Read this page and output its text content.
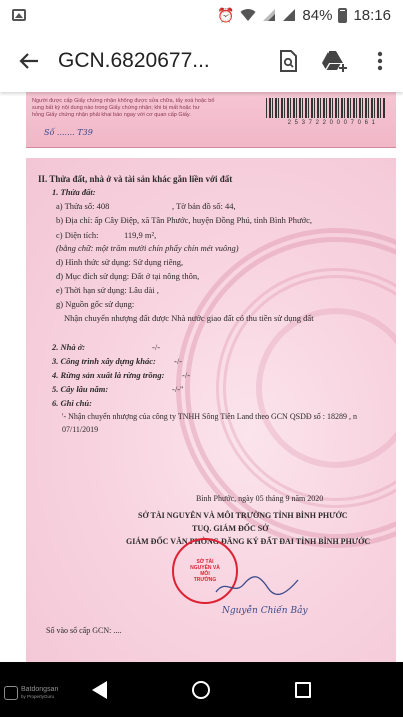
⏰	84% 18:16
GCN.6820677...
Người được cấp Giấy chứng nhận không được sửa chữa, tẩy xoá hoặc bổ
sung bất kỳ nội dung nào trong Giấy chứng nhận; khi bị mất hoặc hư
hỏng Giấy chứng nhận phải khai báo ngay với cơ quan cấp Giấy.
2 5 3 7 2 2 0 0 0 7 0 6 1
Số ....... T39
II. Thửa đất, nhà ở và tài sản khác gắn liền với đất
1. Thửa đất:
a) Thửa số: 408	, Tờ bản đồ số: 44,
b) Địa chỉ: ấp Cây Điệp, xã Tân Phước, huyện Đồng Phú, tỉnh Bình Phước,
c) Diện tích:	119,9 m²,
(bằng chữ: một trăm mười chín phẩy chín mét vuông)
d) Hình thức sử dụng: Sử dụng riêng,
đ) Mục đích sử dụng: Đất ở tại nông thôn,
e) Thời hạn sử dụng: Lâu dài ,
g) Nguồn gốc sử dụng:
Nhận chuyển nhượng đất được Nhà nước giao đất có thu tiền sử dụng đất
2. Nhà ở:	-/-
3. Công trình xây dựng khác: -/-
4. Rừng sản xuất là rừng trồng: -/-
5. Cây lâu năm:	-/-"
6. Ghi chú:
'- Nhận chuyển nhượng của công ty TNHH Sông Tiên Land theo GCN QSDĐ số : 18289 , n
07/11/2019
Bình Phước, ngày 05 tháng 9 năm 2020
SỞ TÀI NGUYÊN VÀ MÔI TRƯỜNG TỈNH BÌNH PHƯỚC
TUQ. GIÁM ĐỐC SỞ
GIÁM ĐỐC VĂN PHÒNG ĐĂNG KÝ ĐẤT ĐAI TỈNH BÌNH PHƯỚC
SỞ TÀI NGUYÊN VÀ MÔI TRƯỜNG
Nguyễn Chiến Bảy
Số vào sổ cấp GCN: ....
Batdongsan
by PropertyGuru
